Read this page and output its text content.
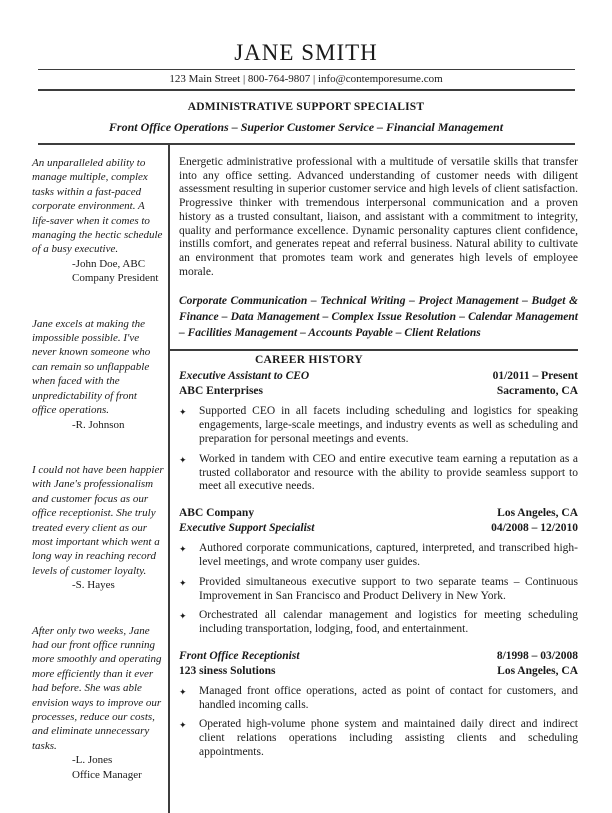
JANE SMITH
123 Main Street | 800-764-9807 | info@contemporesume.com
ADMINISTRATIVE SUPPORT SPECIALIST
Front Office Operations – Superior Customer Service – Financial Management
An unparalleled ability to manage multiple, complex tasks within a fast-paced corporate environment. A life-saver when it comes to managing the hectic schedule of a busy executive.
-John Doe, ABC
Company President
Jane excels at making the impossible possible. I've never known someone who can remain so unflappable when faced with the unpredictability of front office operations.
-R. Johnson
I could not have been happier with Jane's professionalism and customer focus as our office receptionist. She truly treated every client as our most important which went a long way in reaching record levels of customer loyalty.
-S. Hayes
After only two weeks, Jane had our front office running more smoothly and operating more efficiently than it ever had before. She was able envision ways to improve our processes, reduce our costs, and eliminate unnecessary tasks.
-L. Jones
Office Manager

Energetic administrative professional with a multitude of versatile skills that transfer into any office setting. Advanced understanding of customer needs with diligent assessment resulting in superior customer service and high levels of client satisfaction. Progressive thinker with tremendous interpersonal communication and a proven history as a trusted consultant, liaison, and assistant with a commitment to integrity, quality and performance excellence. Dynamic personality captures client confidence, instills comfort, and generates repeat and referral business. Natural ability to cultivate an environment that promotes team work and generates high levels of employee morale.

Corporate Communication – Technical Writing – Project Management – Budget & Finance – Data Management – Complex Issue Resolution – Calendar Management – Facilities Management – Accounts Payable – Client Relations

CAREER HISTORY
Executive Assistant to CEO	01/2011 – Present
ABC Enterprises	Sacramento, CA
✦	Supported CEO in all facets including scheduling and logistics for speaking engagements, large-scale meetings, and industry events as well as scheduling and preparation for personal meetings and events.
✦	Worked in tandem with CEO and entire executive team earning a reputation as a trusted collaborator and resource with the ability to provide seamless support to meet all executive needs.
ABC Company	Los Angeles, CA
Executive Support Specialist	04/2008 – 12/2010
✦	Authored corporate communications, captured, interpreted, and transcribed high-level meetings, and wrote company user guides.
✦	Provided simultaneous executive support to two separate teams – Continuous Improvement in San Francisco and Product Delivery in New York.
✦	Orchestrated all calendar management and logistics for meeting scheduling including transportation, lodging, food, and entertainment.
Front Office Receptionist	8/1998 – 03/2008
123 siness Solutions	Los Angeles, CA
✦	Managed front office operations, acted as point of contact for customers, and handled incoming calls.
✦	Operated high-volume phone system and maintained daily direct and indirect client relations operations including assisting clients and scheduling appointments.
